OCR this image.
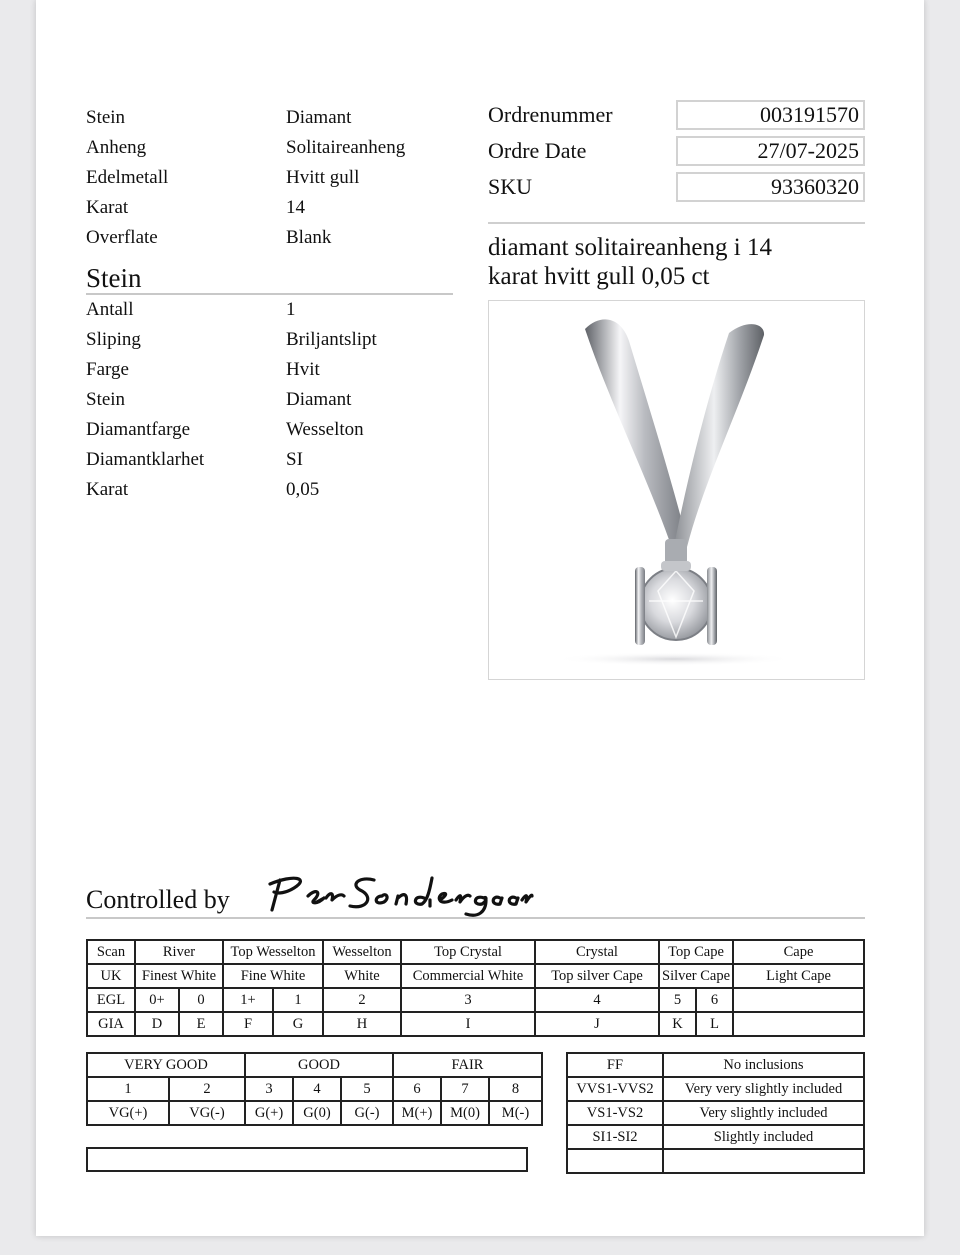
Stein	Diamant
Anheng	Solitaireanheng
Edelmetall	Hvitt gull
Karat	14
Overflate	Blank
Stein
Antall	1
Sliping	Briljantslipt
Farge	Hvit
Stein	Diamant
Diamantfarge	Wesselton
Diamantklarhet	SI
Karat	0,05
Ordrenummer	003191570
Ordre Date	27/07-2025
SKU	93360320
diamant solitaireanheng i 14 karat hvitt gull 0,05 ct
Controlled by
Scan	River		Top Wesselton		Wesselton	Top Crystal	Crystal	Top Cape		Cape
UK	Finest White		Fine White		White	Commercial White	Top silver Cape	Silver Cape		Light Cape
EGL	0+	0	1+	1	2	3	4	5	6	
GIA	D	E	F	G	H	I	J	K	L	
VERY GOOD		GOOD			FAIR		
1	2	3	4	5	6	7	8
VG(+)	VG(-)	G(+)	G(0)	G(-)	M(+)	M(0)	M(-)
FF	No inclusions
VVS1-VVS2	Very very slightly included
VS1-VS2	Very slightly included
SI1-SI2	Slightly included
